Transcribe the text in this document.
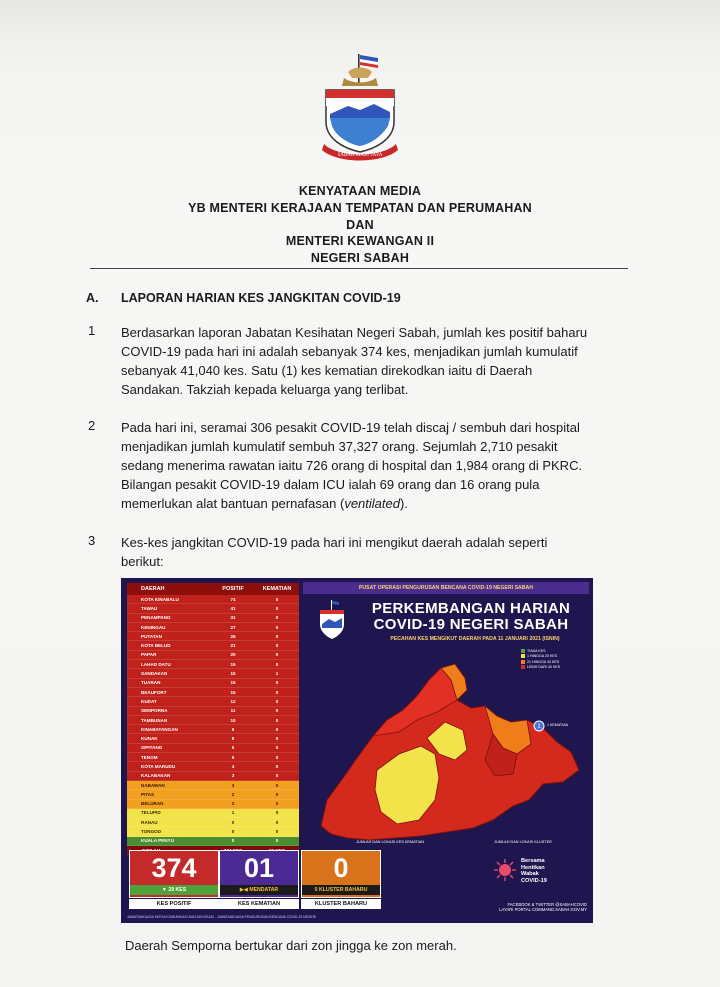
SABAH MAJU JAYA
KENYATAAN MEDIA
YB MENTERI KERAJAAN TEMPATAN DAN PERUMAHAN
DAN
MENTERI KEWANGAN II
NEGERI SABAH
A. LAPORAN HARIAN KES JANGKITAN COVID-19
1 Berdasarkan laporan Jabatan Kesihatan Negeri Sabah, jumlah kes positif baharu
COVID-19 pada hari ini adalah sebanyak 374 kes, menjadikan jumlah kumulatif
sebanyak 41,040 kes. Satu (1) kes kematian direkodkan iaitu di Daerah
Sandakan. Takziah kepada keluarga yang terlibat.
2 Pada hari ini, seramai 306 pesakit COVID-19 telah discaj / sembuh dari hospital
menjadikan jumlah kumulatif sembuh 37,327 orang. Sejumlah 2,710 pesakit
sedang menerima rawatan iaitu 726 orang di hospital dan 1,984 orang di PKRC.
Bilangan pesakit COVID-19 dalam ICU ialah 69 orang dan 16 orang pula
memerlukan alat bantuan pernafasan (ventilated).
3 Kes-kes jangkitan COVID-19 pada hari ini mengikut daerah adalah seperti
berikut:
DAERAH	POSITIF	KEMATIAN
KOTA KINABALU	74	0
TAWAU	41	0
PENAMPANG	31	0
KENINGAU	27	0
PUTATAN	26	0
KOTA BELUD	21	0
PAPAR	20	0
LAHAD DATU	15	0
SANDAKAN	15	1
TUARAN	15	0
BEAUFORT	15	0
KUDAT	12	0
SEMPORNA	11	0
TAMBUNAN	10	0
KINABATANGAN	8	0
KUNAK	8	0
SIPITANG	5	0
TENOM	5	0
KOTA MARUDU	4	0
KALABAKAN	3	0
NABAWAN	3	0
PITAS	2	0
BELURAN	2	0
TELUPID	1	0
RANAU	0	0
TONGOD	0	0
KUALA PENYU	0	0
PUSAT OPERASI PENGURUSAN BENCANA COVID-19 NEGERI SABAH
PERKEMBANGAN HARIAN
COVID-19 NEGERI SABAH
PECAHAN KES MENGIKUT DAERAH PADA 11 JANUARI 2021 (ISNIN)
TIADA KES
1 HINGGA 20 KES
21 HINGGA 40 KES
LEBIH DARI 40 KES
1 1 KEMATIAN
JUMLAH DAN LOKASI KES KEMATIAN	JUMLAH DAN LOKASI KLUSTER
374
▼ 29 KES
KES POSITIF
01
▶◀ MENDATAR
KES KEMATIAN
0
0 KLUSTER BAHARU
KLUSTER BAHARU
Bersama
Hentikan
Wabak
COVID-19
FACEBOOK & TWITTER @SABAHCOVID
LAYARI PORTAL COMMAND.SABAH.GOV.MY
JAWATANKUASA KERJA KOMUNIKASI DAN ADVOKASI - JAWATANKUASA PENGURUSAN BENCANA COVID-19 NEGERI
Daerah Semporna bertukar dari zon jingga ke zon merah.
